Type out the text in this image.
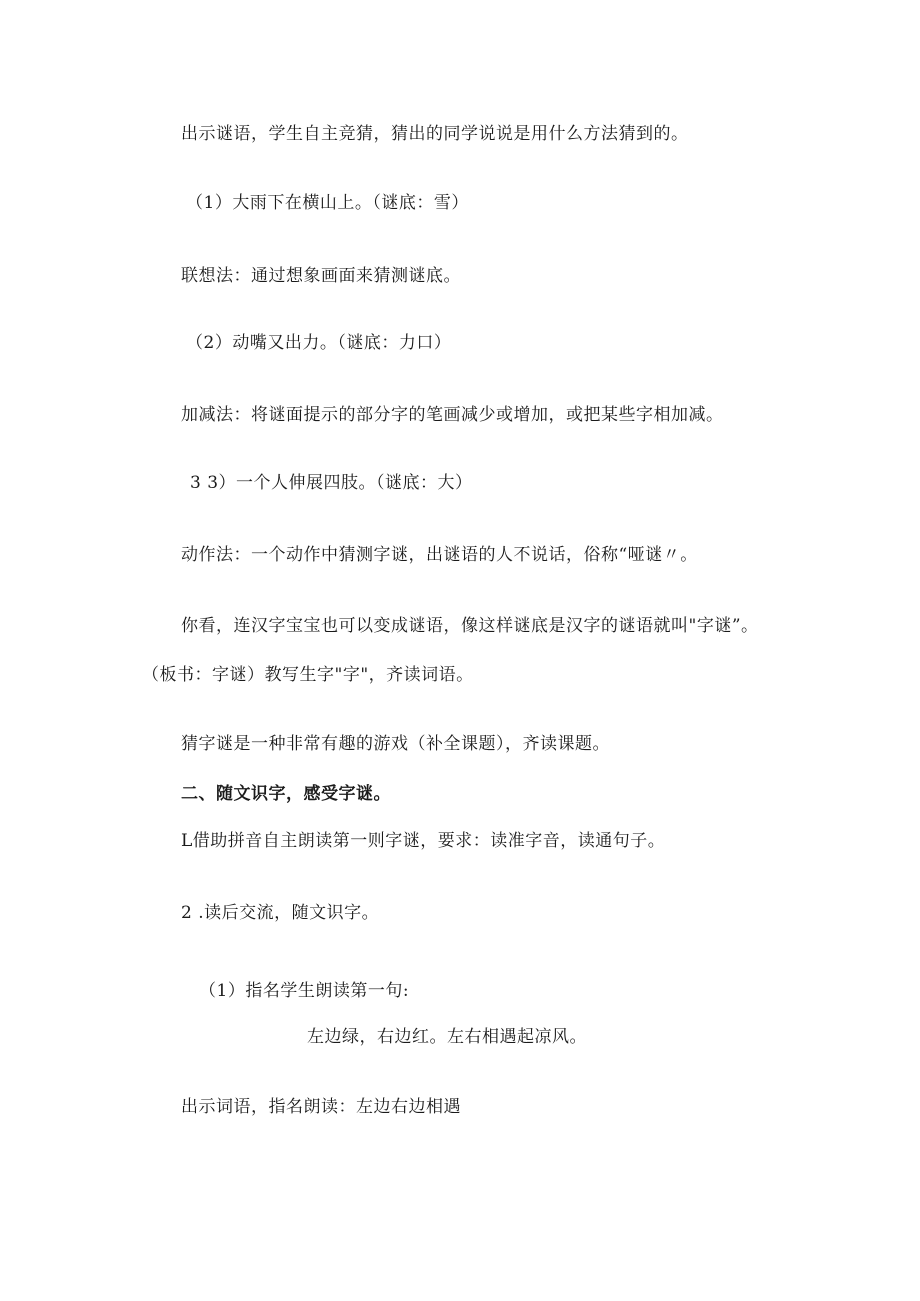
出示谜语，学生自主竞猜，猜出的同学说说是用什么方法猜到的。
（1）大雨下在横山上。（谜底：雪）
联想法：通过想象画面来猜测谜底。
（2）动嘴又出力。（谜底：力口）
加减法：将谜面提示的部分字的笔画减少或增加，或把某些字相加减。
3 3）一个人伸展四肢。（谜底：大）
动作法：一个动作中猜测字谜，出谜语的人不说话，俗称“哑谜〃。
你看，连汉字宝宝也可以变成谜语，像这样谜底是汉字的谜语就叫"字谜”。
（板书：字谜）教写生字"字"，齐读词语。
猜字谜是一种非常有趣的游戏（补全课题），齐读课题。
二、随文识字，感受字谜。
L借助拼音自主朗读第一则字谜，要求：读准字音，读通句子。
2 .读后交流，随文识字。
（1）指名学生朗读第一句:
左边绿，右边红。左右相遇起凉风。
出示词语，指名朗读：左边右边相遇
